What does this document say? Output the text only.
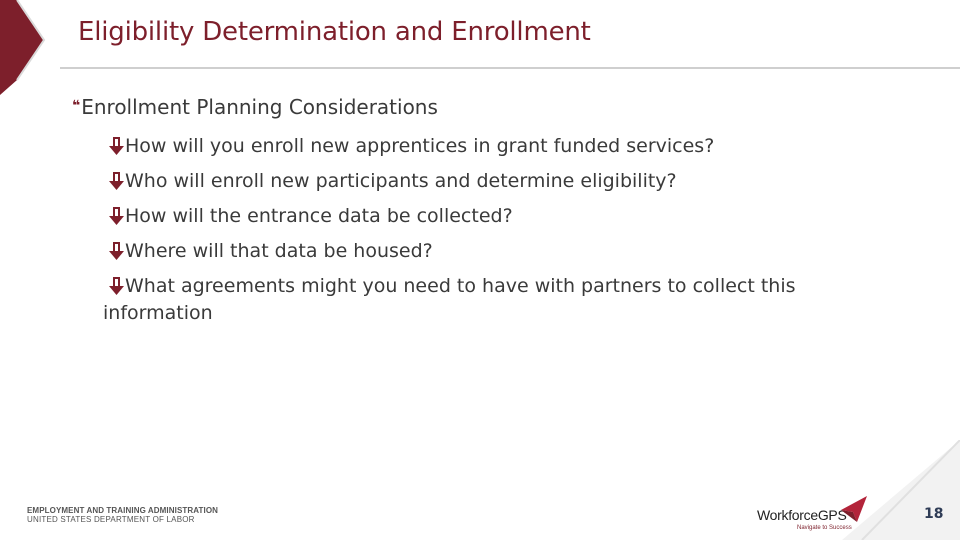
Eligibility Determination and Enrollment
❝ Enrollment Planning Considerations
How will you enroll new apprentices in grant funded services?
Who will enroll new participants and determine eligibility?
How will the entrance data be collected?
Where will that data be housed?
What agreements might you need to have with partners to collect this
information
EMPLOYMENT AND TRAINING ADMINISTRATION
UNITED STATES DEPARTMENT OF LABOR	WorkforceGPS
Navigate to Success
18
